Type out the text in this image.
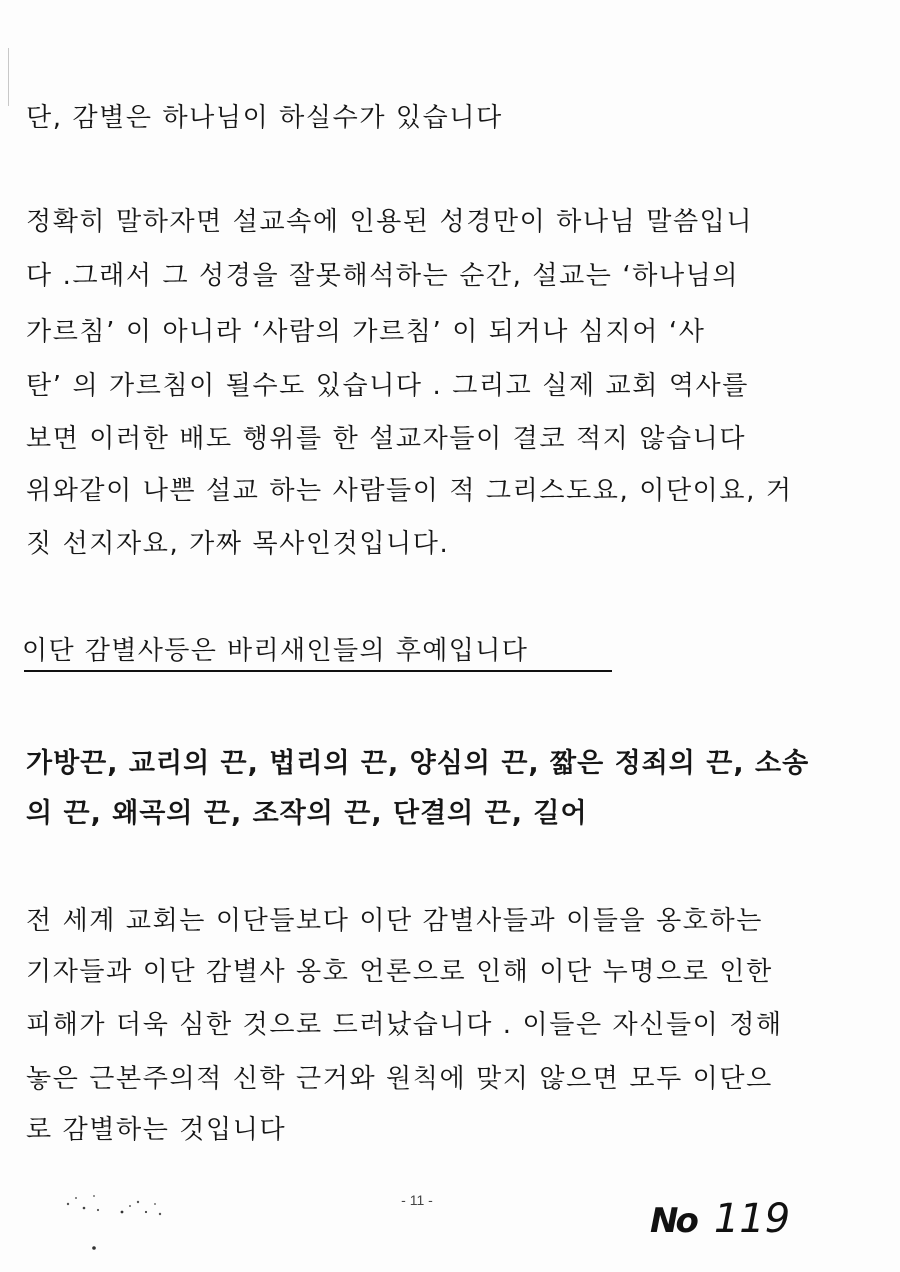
단, 감별은 하나님이 하실수가 있습니다
정확히 말하자면 설교속에 인용된 성경만이 하나님 말씀입니
다 .그래서 그 성경을 잘못해석하는 순간, 설교는 ‘하나님의
가르침’ 이 아니라 ‘사람의 가르침’ 이 되거나 심지어 ‘사
탄’ 의 가르침이 될수도 있습니다 . 그리고 실제 교회 역사를
보면 이러한 배도 행위를 한 설교자들이 결코 적지 않습니다
위와같이 나쁜 설교 하는 사람들이 적 그리스도요, 이단이요, 거
짓 선지자요, 가짜 목사인것입니다.
이단 감별사등은 바리새인들의 후예입니다
가방끈, 교리의 끈, 법리의 끈, 양심의 끈, 짧은 정죄의 끈, 소송
의 끈, 왜곡의 끈, 조작의 끈, 단결의 끈, 길어
전 세계 교회는 이단들보다 이단 감별사들과 이들을 옹호하는
기자들과 이단 감별사 옹호 언론으로 인해 이단 누명으로 인한
피해가 더욱 심한 것으로 드러났습니다 . 이들은 자신들이 정해
놓은 근본주의적 신학 근거와 원칙에 맞지 않으면 모두 이단으
로 감별하는 것입니다
- 11 -
No 119
